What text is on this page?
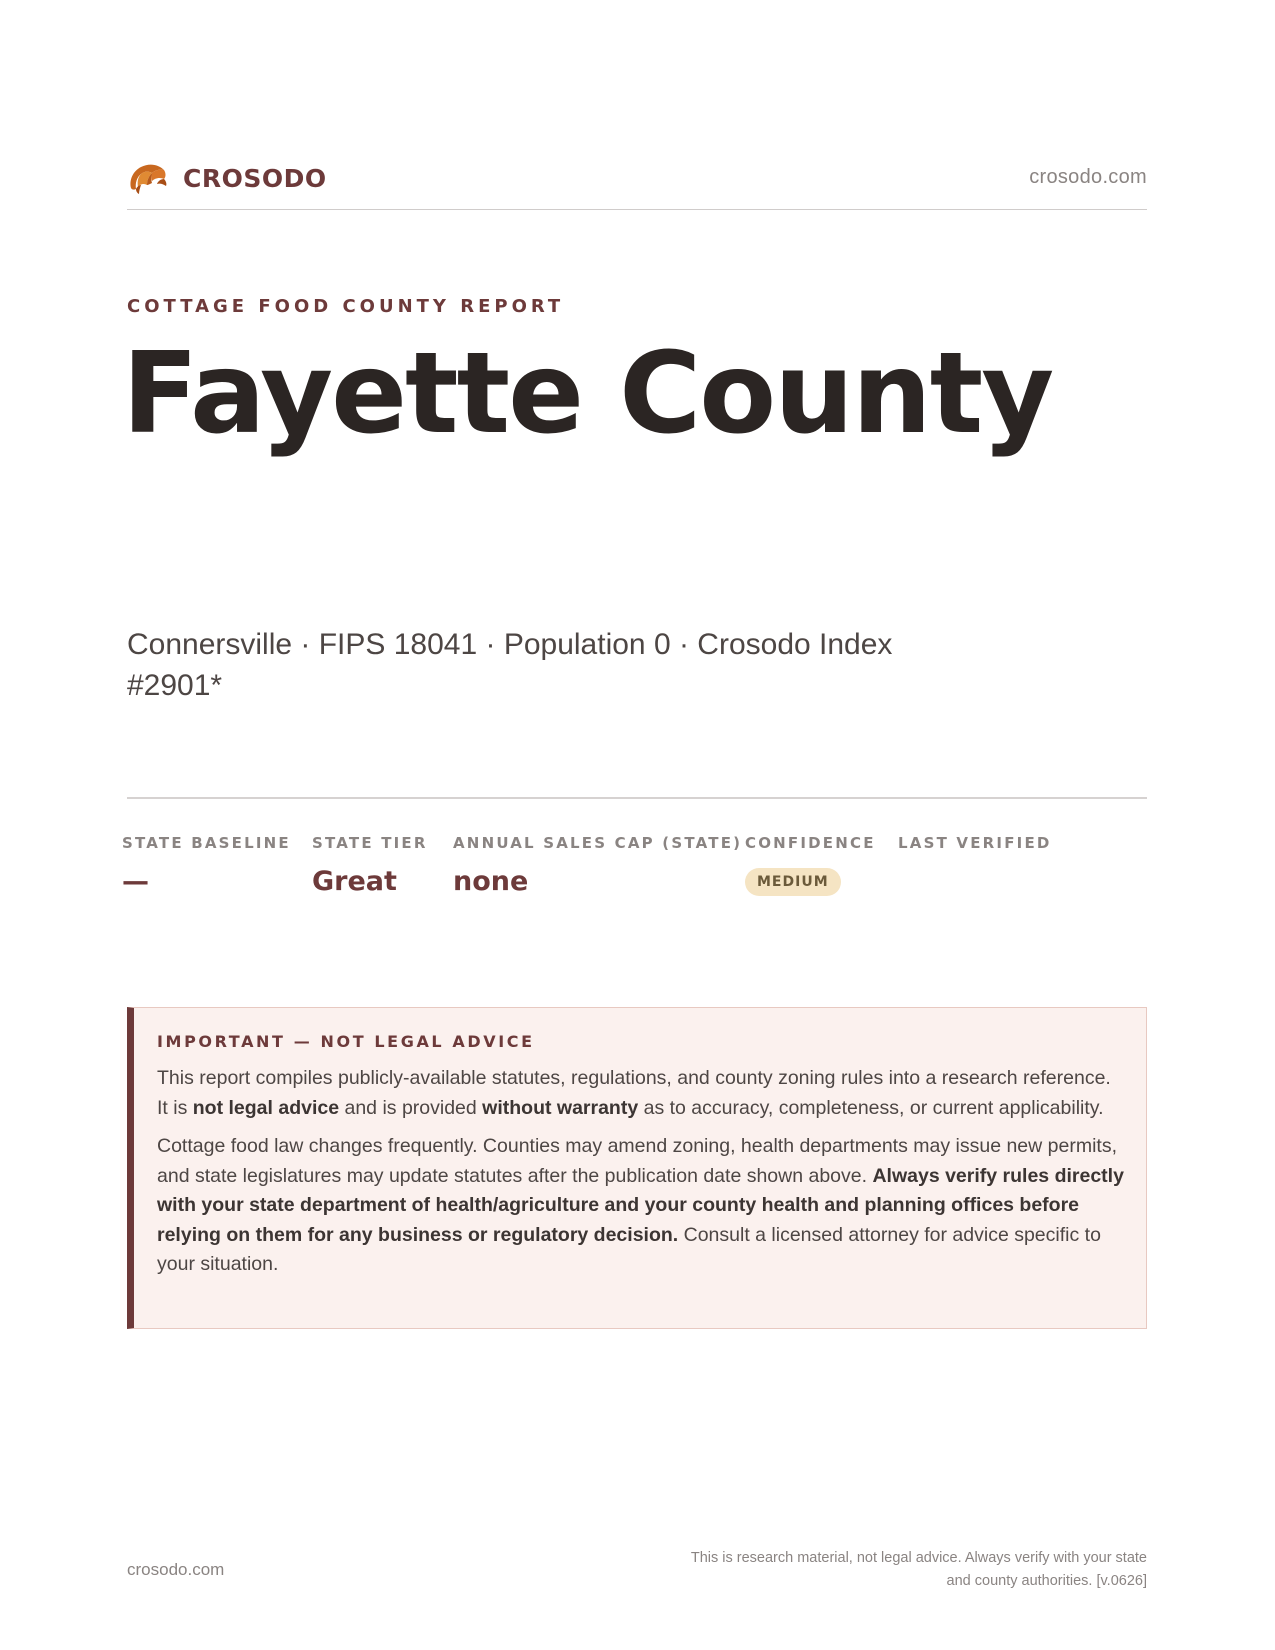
CROSODO	crosodo.com
COTTAGE FOOD COUNTY REPORT
Fayette County
Connersville · FIPS 18041 · Population 0 · Crosodo Index #2901*
STATE BASELINE
—
STATE TIER
Great
ANNUAL SALES CAP (STATE)
none
CONFIDENCE
MEDIUM
LAST VERIFIED
IMPORTANT — NOT LEGAL ADVICE

This report compiles publicly-available statutes, regulations, and county zoning rules into a research reference. It is not legal advice and is provided without warranty as to accuracy, completeness, or current applicability.

Cottage food law changes frequently. Counties may amend zoning, health departments may issue new permits, and state legislatures may update statutes after the publication date shown above. Always verify rules directly with your state department of health/agriculture and your county health and planning offices before relying on them for any business or regulatory decision. Consult a licensed attorney for advice specific to your situation.

crosodo.com
This is research material, not legal advice. Always verify with your state
and county authorities. [v.0626]
